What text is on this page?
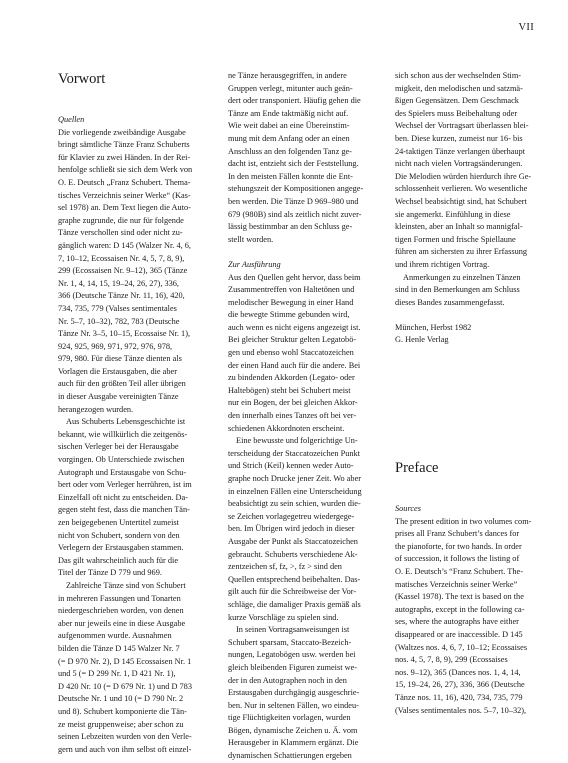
VII
Vorwort

Quellen

Die vorliegende zweibändige Ausgabe
bringt sämtliche Tänze Franz Schuberts
für Klavier zu zwei Händen. In der Rei-
henfolge schließt sie sich dem Werk von
O. E. Deutsch „Franz Schubert. Thema-
tisches Verzeichnis seiner Werke“ (Kas-
sel 1978) an. Dem Text liegen die Auto-
graphe zugrunde, die nur für folgende
Tänze verschollen sind oder nicht zu-
gänglich waren: D 145 (Walzer Nr. 4, 6,
7, 10–12, Ecossaisen Nr. 4, 5, 7, 8, 9),
299 (Ecossaisen Nr. 9–12), 365 (Tänze
Nr. 1, 4, 14, 15, 19–24, 26, 27), 336,
366 (Deutsche Tänze Nr. 11, 16), 420,
734, 735, 779 (Valses sentimentales
Nr. 5–7, 10–32), 782, 783 (Deutsche
Tänze Nr. 3–5, 10–15, Ecossaise Nr. 1),
924, 925, 969, 971, 972, 976, 978,
979, 980. Für diese Tänze dienten als
Vorlagen die Erstausgaben, die aber
auch für den größten Teil aller übrigen
in dieser Ausgabe vereinigten Tänze
herangezogen wurden.
Aus Schuberts Lebensgeschichte ist
bekannt, wie willkürlich die zeitgenös-
sischen Verleger bei der Herausgabe
vorgingen. Ob Unterschiede zwischen
Autograph und Erstausgabe von Schu-
bert oder vom Verleger herrühren, ist im
Einzelfall oft nicht zu entscheiden. Da-
gegen steht fest, dass die manchen Tän-
zen beigegebenen Untertitel zumeist
nicht von Schubert, sondern von den
Verlegern der Erstausgaben stammen.
Das gilt wahrscheinlich auch für die
Titel der Tänze D 779 und 969.
Zahlreiche Tänze sind von Schubert
in mehreren Fassungen und Tonarten
niedergeschrieben worden, von denen
aber nur jeweils eine in diese Ausgabe
aufgenommen wurde. Ausnahmen
bilden die Tänze D 145 Walzer Nr. 7
(= D 970 Nr. 2), D 145 Ecossaisen Nr. 1
und 5 (= D 299 Nr. 1, D 421 Nr. 1),
D 420 Nr. 10 (= D 679 Nr. 1) und D 783
Deutsche Nr. 1 und 10 (= D 790 Nr. 2
und 8). Schubert komponierte die Tän-
ze meist gruppenweise; aber schon zu
seinen Lebzeiten wurden von den Verle-
gern und auch von ihm selbst oft einzel-
ne Tänze herausgegriffen, in andere
Gruppen verlegt, mitunter auch geän-
dert oder transponiert. Häufig gehen die
Tänze am Ende taktmäßig nicht auf.
Wie weit dabei an eine Übereinstim-
mung mit dem Anfang oder an einen
Anschluss an den folgenden Tanz ge-
dacht ist, entzieht sich der Feststellung.
In den meisten Fällen konnte die Ent-
stehungszeit der Kompositionen angege-
ben werden. Die Tänze D 969–980 und
679 (980B) sind als zeitlich nicht zuver-
lässig bestimmbar an den Schluss ge-
stellt worden.

Zur Ausführung

Aus den Quellen geht hervor, dass beim
Zusammentreffen von Haltetönen und
melodischer Bewegung in einer Hand
die bewegte Stimme gebunden wird,
auch wenn es nicht eigens angezeigt ist.
Bei gleicher Struktur gelten Legatobö-
gen und ebenso wohl Staccatozeichen
der einen Hand auch für die andere. Bei
zu bindenden Akkorden (Legato- oder
Haltebögen) steht bei Schubert meist
nur ein Bogen, der bei gleichen Akkor-
den innerhalb eines Tanzes oft bei ver-
schiedenen Akkordnoten erscheint.
Eine bewusste und folgerichtige Un-
terscheidung der Staccatozeichen Punkt
und Strich (Keil) kennen weder Auto-
graphe noch Drucke jener Zeit. Wo aber
in einzelnen Fällen eine Unterscheidung
beabsichtigt zu sein schien, wurden die-
se Zeichen vorlagegetreu wiedergege-
ben. Im Übrigen wird jedoch in dieser
Ausgabe der Punkt als Staccatozeichen
gebraucht. Schuberts verschiedene Ak-
zentzeichen sf, fz, >, fz > sind den
Quellen entsprechend beibehalten. Das-
gilt auch für die Schreibweise der Vor-
schläge, die damaliger Praxis gemäß als
kurze Vorschläge zu spielen sind.
In seinen Vortragsanweisungen ist
Schubert sparsam, Staccato-Bezeich-
nungen, Legatobögen usw. werden bei
gleich bleibenden Figuren zumeist we-
der in den Autographen noch in den
Erstausgaben durchgängig ausgeschrie-
ben. Nur in seltenen Fällen, wo eindeu-
tige Flüchtigkeiten vorlagen, wurden
Bögen, dynamische Zeichen u. Ä. vom
Herausgeber in Klammern ergänzt. Die
dynamischen Schattierungen ergeben
sich schon aus der wechselnden Stim-
migkeit, den melodischen und satzmä-
ßigen Gegensätzen. Dem Geschmack
des Spielers muss Beibehaltung oder
Wechsel der Vortragsart überlassen blei-
ben. Diese kurzen, zumeist nur 16- bis
24-taktigen Tänze verlangen überhaupt
nicht nach vielen Vortragsänderungen.
Die Melodien würden hierdurch ihre Ge-
schlossenheit verlieren. Wo wesentliche
Wechsel beabsichtigt sind, hat Schubert
sie angemerkt. Einfühlung in diese
kleinsten, aber an Inhalt so mannigfal-
tigen Formen und frische Spiellaune
führen am sichersten zu ihrer Erfassung
und ihrem richtigen Vortrag.
Anmerkungen zu einzelnen Tänzen
sind in den Bemerkungen am Schluss
dieses Bandes zusammengefasst.

München, Herbst 1982

G. Henle Verlag

Preface

Sources

The present edition in two volumes com-
prises all Franz Schubert’s dances for
the pianoforte, for two hands. In order
of succession, it follows the listing of
O. E. Deutsch’s “Franz Schubert. The-
matisches Verzeichnis seiner Werke”
(Kassel 1978). The text is based on the
autographs, except in the following ca-
ses, where the autographs have either
disappeared or are inaccessible. D 145
(Waltzes nos. 4, 6, 7, 10–12; Ecossaises
nos. 4, 5, 7, 8, 9), 299 (Ecossaises
nos. 9–12), 365 (Dances nos. 1, 4, 14,
15, 19–24, 26, 27), 336, 366 (Deutsche
Tänze nos. 11, 16), 420, 734, 735, 779
(Valses sentimentales nos. 5–7, 10–32),
